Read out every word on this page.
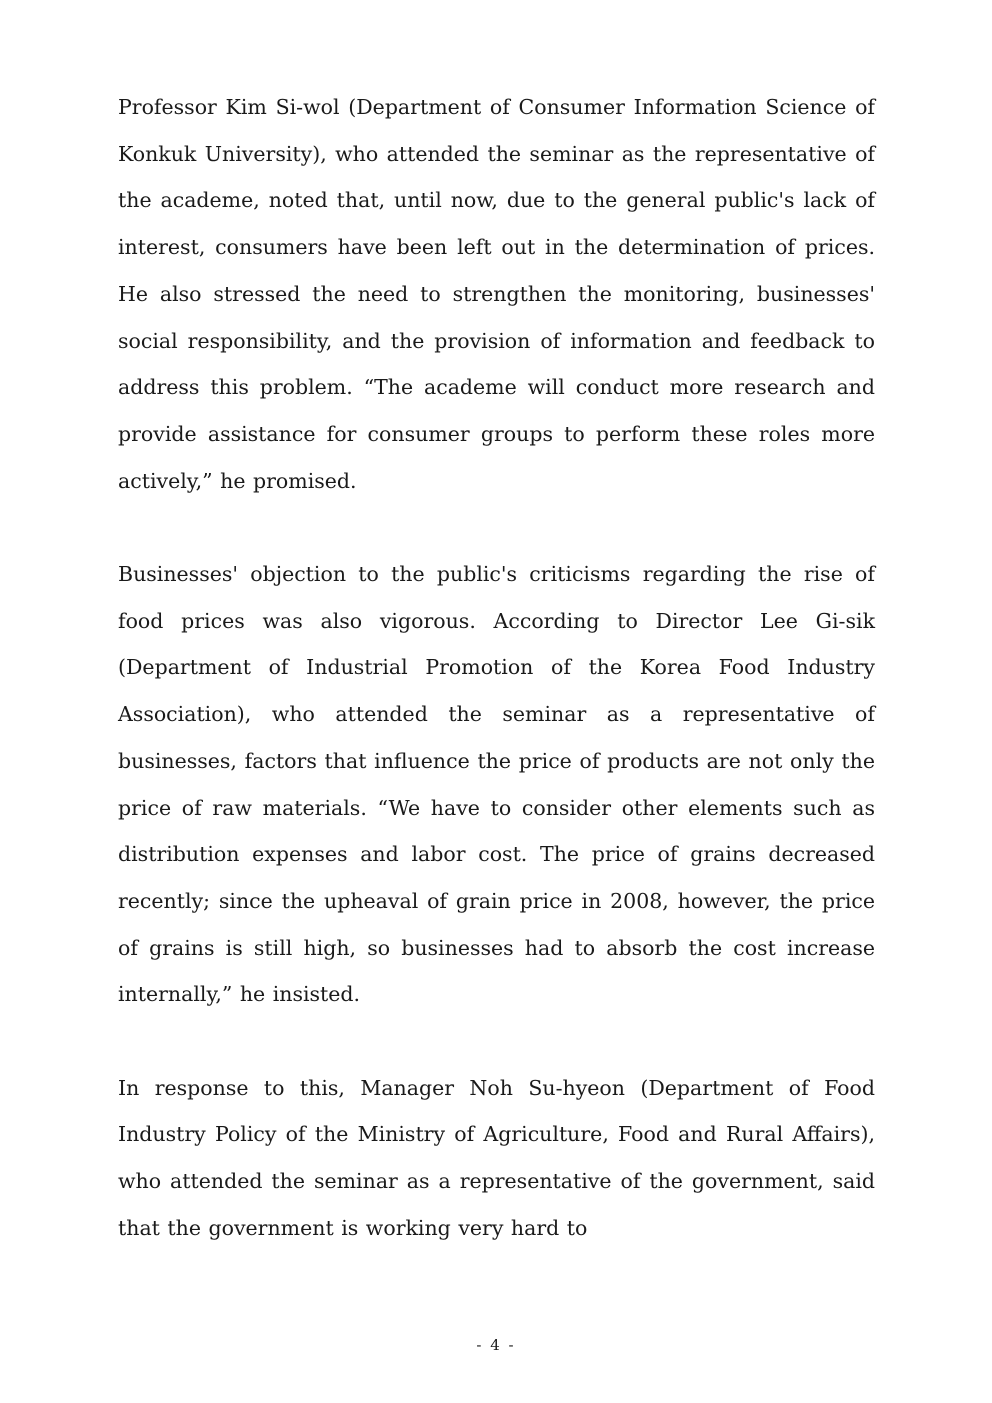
Professor Kim Si-wol (Department of Consumer Information Science of Konkuk University), who attended the seminar as the representative of the academe, noted that, until now, due to the general public's lack of interest, consumers have been left out in the determination of prices. He also stressed the need to strengthen the monitoring, businesses' social responsibility, and the provision of information and feedback to address this problem. “The academe will conduct more research and provide assistance for consumer groups to perform these roles more actively,” he promised.

Businesses' objection to the public's criticisms regarding the rise of food prices was also vigorous. According to Director Lee Gi-sik (Department of Industrial Promotion of the Korea Food Industry Association), who attended the seminar as a representative of businesses, factors that influence the price of products are not only the price of raw materials. “We have to consider other elements such as distribution expenses and labor cost. The price of grains decreased recently; since the upheaval of grain price in 2008, however, the price of grains is still high, so businesses had to absorb the cost increase internally,” he insisted.

In response to this, Manager Noh Su-hyeon (Department of Food Industry Policy of the Ministry of Agriculture, Food and Rural Affairs), who attended the seminar as a representative of the government, said that the government is working very hard to

- 4 -
